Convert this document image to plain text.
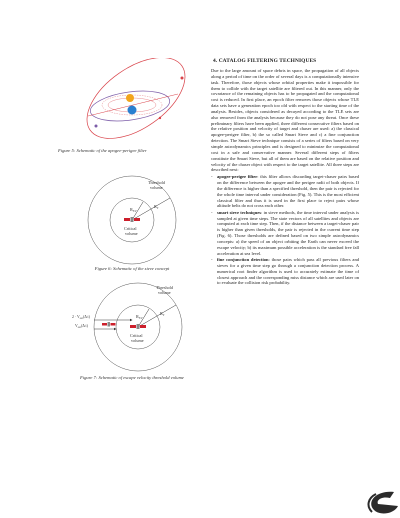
Figure 5: Schematic of the apogee-perigee filter
Threshold
volume
$R_T$
$R_{SV}$
Critical
volume
Figure 6: Schematic of the sieve concept
Threshold
volume
$R_T$
$R_{SV}$
$2 \cdot V_{esc}(\Delta$ t)
$V_{esc}(\Delta$ t)
Critical
volume
Figure 7: Schematic of escape velocity threshold volume
4. CATALOG FILTERING TECHNIQUES

Due to the large amount of space debris in space, the propagation of all objects along a period of time on the order of several days is a computationally intensive task. Therefore, those objects whose orbital properties make it impossible for them to collide with the target satellite are filtered out. In this manner, only the covariance of the remaining objects has to be propagated and the computational cost is reduced. In first place, an epoch filter removes those objects whose TLE data sets have a generation epoch too old with respect to the starting time of the analysis. Besides, objects considered as decayed according to the TLE sets are also removed from the analysis because they do not pose any threat. Once these preliminary filters have been applied, three different consecutive filters based on the relative position and velocity of target and chaser are used: a) the classical apogee-perigee filter, b) the so called Smart Sieve and c) a fine conjunction detection. The Smart Sieve technique consists of a series of filters based on very simple astrodynamics principles and is designed to minimize the computational cost in a safe and conservative manner. Several different steps of filters constitute the Smart Sieve, but all of them are based on the relative position and velocity of the chaser object with respect to the target satellite. All three steps are described next:

- apogee-perigee filter: this filter allows discarding target-chaser pairs based on the difference between the apogee and the perigee radii of both objects. If the difference is higher than a specified threshold, then the pair is rejected for the whole time interval under consideration (Fig. 5). This is the most efficient classical filter and thus it is used in the first place to reject pairs whose altitude belts do not cross each other.
- smart sieve techniques: in sieve methods, the time interval under analysis is sampled at given time steps. The state vectors of all satellites and objects are computed at each time step. Then, if the distance between a target-chaser pair is higher than given thresholds, the pair is rejected in the current time step (Fig. 6). Those thresholds are defined based on two simple astrodynamics concepts: a) the speed of an object orbiting the Earth can never exceed the escape velocity; b) its maximum possible acceleration is the standard free fall acceleration at sea level.
- fine conjunction detection: those pairs which pass all previous filters and sieves for a given time step go through a conjunction detection process. A numerical root finder algorithm is used to accurately estimate the time of closest approach and the corresponding miss distance which are used later on to evaluate the collision risk probability.
